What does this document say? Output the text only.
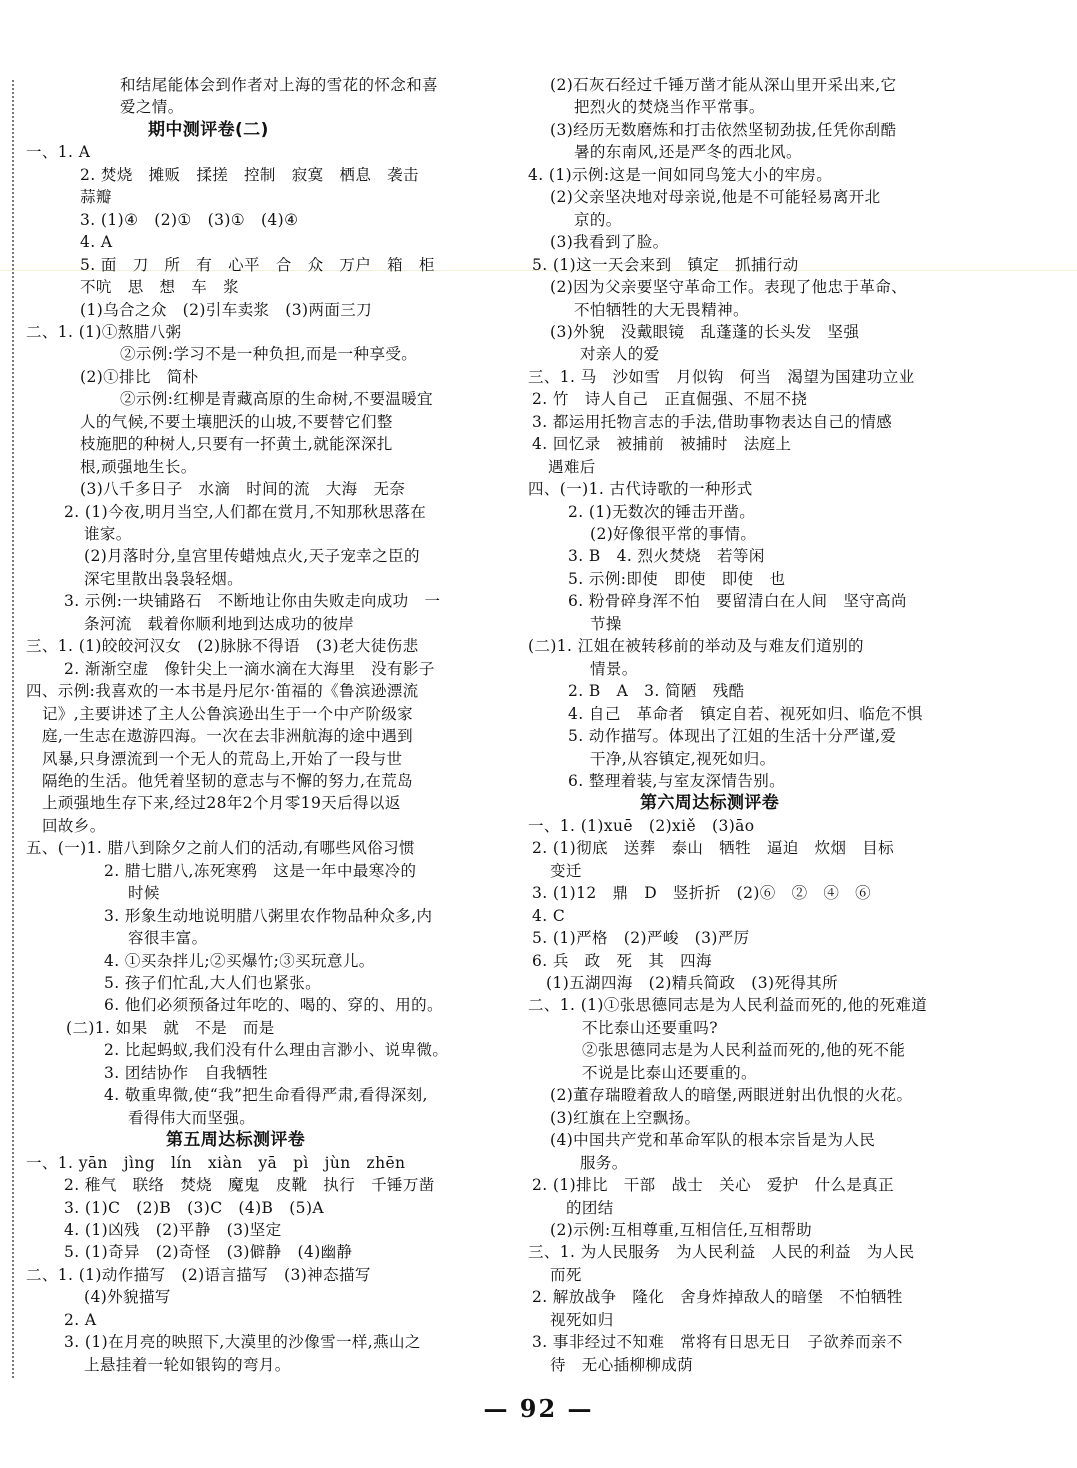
和结尾能体会到作者对上海的雪花的怀念和喜
爱之情。
期中测评卷(二)
一、1. A
2. 焚烧　摊贩　揉搓　控制　寂寞　栖息　袭击
蒜瓣
3. (1)④　(2)①　(3)①　(4)④
4. A
5. 面　刀　所　有　心平　合　众　万户　箱　柜
不吭　思　想　车　浆
(1)乌合之众　(2)引车卖浆　(3)两面三刀
二、1. (1)①熬腊八粥
②示例:学习不是一种负担,而是一种享受。
(2)①排比　简朴
②示例:红柳是青藏高原的生命树,不要温暖宜
人的气候,不要土壤肥沃的山坡,不要替它们整
枝施肥的种树人,只要有一抔黄土,就能深深扎
根,顽强地生长。
(3)八千多日子　水滴　时间的流　大海　无奈
2. (1)今夜,明月当空,人们都在赏月,不知那秋思落在
谁家。
(2)月落时分,皇宫里传蜡烛点火,天子宠幸之臣的
深宅里散出袅袅轻烟。
3. 示例:一块铺路石　不断地让你由失败走向成功　一
条河流　载着你顺利地到达成功的彼岸
三、1. (1)皎皎河汉女　(2)脉脉不得语　(3)老大徒伤悲
2. 渐渐空虚　像针尖上一滴水滴在大海里　没有影子
四、示例:我喜欢的一本书是丹尼尔·笛福的《鲁滨逊漂流
记》,主要讲述了主人公鲁滨逊出生于一个中产阶级家
庭,一生志在遨游四海。一次在去非洲航海的途中遇到
风暴,只身漂流到一个无人的荒岛上,开始了一段与世
隔绝的生活。他凭着坚韧的意志与不懈的努力,在荒岛
上顽强地生存下来,经过28年2个月零19天后得以返
回故乡。
五、(一)1. 腊八到除夕之前人们的活动,有哪些风俗习惯
2. 腊七腊八,冻死寒鸦　这是一年中最寒冷的
时候
3. 形象生动地说明腊八粥里农作物品种众多,内
容很丰富。
4. ①买杂拌儿;②买爆竹;③买玩意儿。
5. 孩子们忙乱,大人们也紧张。
6. 他们必须预备过年吃的、喝的、穿的、用的。
(二)1. 如果　就　不是　而是
2. 比起蚂蚁,我们没有什么理由言渺小、说卑微。
3. 团结协作　自我牺牲
4. 敬重卑微,使“我”把生命看得严肃,看得深刻,
看得伟大而坚强。
第五周达标测评卷
一、1. yān　jìng　lín　xiàn　yā　pì　jùn　zhēn
2. 稚气　联络　焚烧　魔鬼　皮靴　执行　千锤万凿
3. (1)C　(2)B　(3)C　(4)B　(5)A
4. (1)凶残　(2)平静　(3)坚定
5. (1)奇异　(2)奇怪　(3)僻静　(4)幽静
二、1. (1)动作描写　(2)语言描写　(3)神态描写
(4)外貌描写
2. A
3. (1)在月亮的映照下,大漠里的沙像雪一样,燕山之
上悬挂着一轮如银钩的弯月。
(2)石灰石经过千锤万凿才能从深山里开采出来,它
把烈火的焚烧当作平常事。
(3)经历无数磨炼和打击依然坚韧劲拔,任凭你刮酷
暑的东南风,还是严冬的西北风。
4. (1)示例:这是一间如同鸟笼大小的牢房。
(2)父亲坚决地对母亲说,他是不可能轻易离开北
京的。
(3)我看到了脸。
5. (1)这一天会来到　镇定　抓捕行动
(2)因为父亲要坚守革命工作。表现了他忠于革命、
不怕牺牲的大无畏精神。
(3)外貌　没戴眼镜　乱蓬蓬的长头发　坚强
对亲人的爱
三、1. 马　沙如雪　月似钩　何当　渴望为国建功立业
2. 竹　诗人自己　正直倔强、不屈不挠
3. 都运用托物言志的手法,借助事物表达自己的情感
4. 回忆录　被捕前　被捕时　法庭上
遇难后
四、(一)1. 古代诗歌的一种形式
2. (1)无数次的锤击开凿。
(2)好像很平常的事情。
3. B　4. 烈火焚烧　若等闲
5. 示例:即使　即使　即使　也
6. 粉骨碎身浑不怕　要留清白在人间　坚守高尚
节操
(二)1. 江姐在被转移前的举动及与难友们道别的
情景。
2. B　A　3. 简陋　残酷
4. 自己　革命者　镇定自若、视死如归、临危不惧
5. 动作描写。体现出了江姐的生活十分严谨,爱
干净,从容镇定,视死如归。
6. 整理着装,与室友深情告别。
第六周达标测评卷
一、1. (1)xuē　(2)xiě　(3)āo
2. (1)彻底　送葬　泰山　牺牲　逼迫　炊烟　目标
变迁
3. (1)12　鼎　D　竖折折　(2)⑥　②　④　⑥
4. C
5. (1)严格　(2)严峻　(3)严厉
6. 兵　政　死　其　四海
(1)五湖四海　(2)精兵简政　(3)死得其所
二、1. (1)①张思德同志是为人民利益而死的,他的死难道
不比泰山还要重吗?
②张思德同志是为人民利益而死的,他的死不能
不说是比泰山还要重的。
(2)董存瑞瞪着敌人的暗堡,两眼迸射出仇恨的火花。
(3)红旗在上空飘扬。
(4)中国共产党和革命军队的根本宗旨是为人民
服务。
2. (1)排比　干部　战士　关心　爱护　什么是真正
的团结
(2)示例:互相尊重,互相信任,互相帮助
三、1. 为人民服务　为人民利益　人民的利益　为人民
而死
2. 解放战争　隆化　舍身炸掉敌人的暗堡　不怕牺牲
视死如归
3. 事非经过不知难　常将有日思无日　子欲养而亲不
待　无心插柳柳成荫
— 92 —
